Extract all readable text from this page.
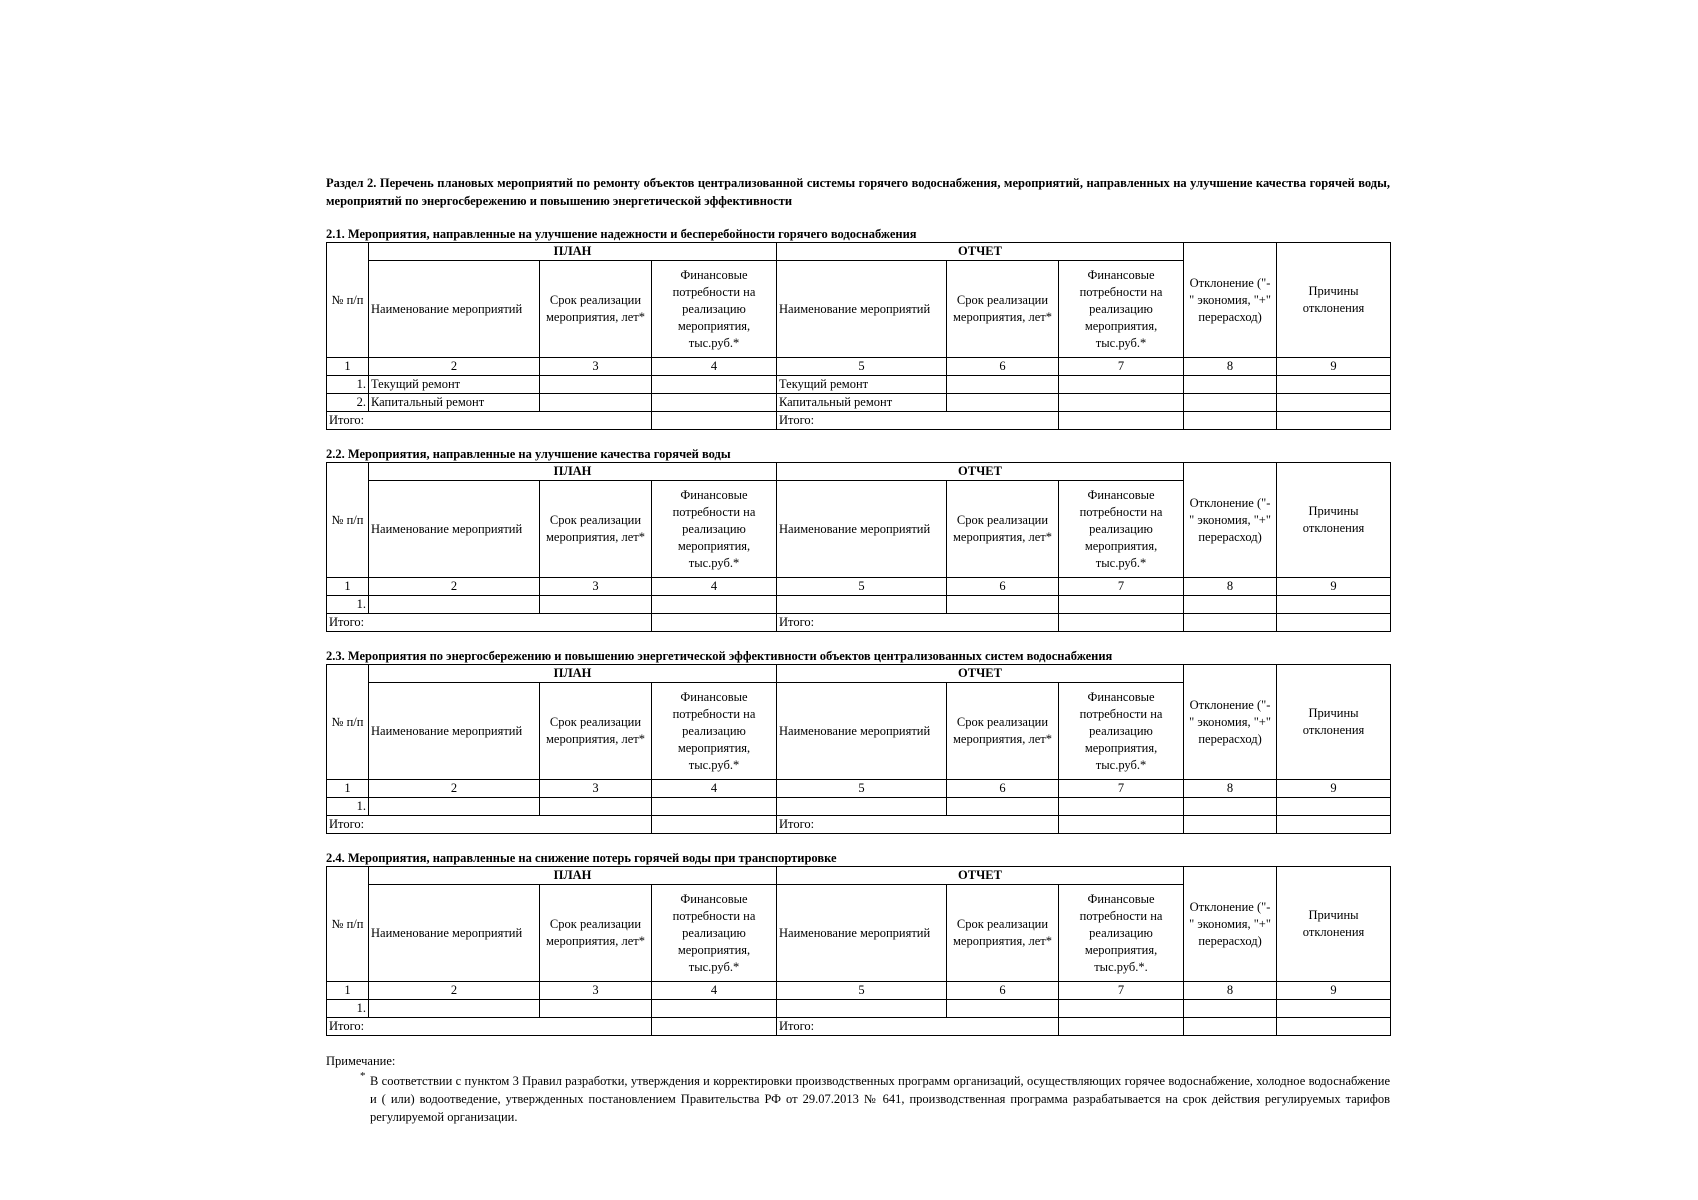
Раздел 2. Перечень плановых мероприятий по ремонту объектов централизованной системы горячего водоснабжения, мероприятий, направленных на улучшение качества горячей воды, мероприятий по энергосбережению и повышению энергетической эффективности

2.1. Мероприятия, направленные на улучшение надежности и бесперебойности горячего водоснабжения

№ п/п	ПЛАН			ОТЧЕТ			Отклонение ("- " экономия, "+" перерасход)	Причины отклонения
	Наименование мероприятий	Срок реализации мероприятия, лет*	Финансовые потребности на реализацию мероприятия, тыс.руб.*	Наименование мероприятий	Срок реализации мероприятия, лет*	Финансовые потребности на реализацию мероприятия, тыс.руб.*		
1	2	3	4	5	6	7	8	9
1.	Текущий ремонт			Текущий ремонт				
2.	Капитальный ремонт			Капитальный ремонт				
Итого:				Итого:				

2.2. Мероприятия, направленные на улучшение качества горячей воды

№ п/п	ПЛАН			ОТЧЕТ			Отклонение ("- " экономия, "+" перерасход)	Причины отклонения
	Наименование мероприятий	Срок реализации мероприятия, лет*	Финансовые потребности на реализацию мероприятия, тыс.руб.*	Наименование мероприятий	Срок реализации мероприятия, лет*	Финансовые потребности на реализацию мероприятия, тыс.руб.*		
1	2	3	4	5	6	7	8	9
1.								
Итого:				Итого:				

2.3. Мероприятия по энергосбережению и повышению энергетической эффективности объектов централизованных систем водоснабжения

№ п/п	ПЛАН			ОТЧЕТ			Отклонение ("- " экономия, "+" перерасход)	Причины отклонения
	Наименование мероприятий	Срок реализации мероприятия, лет*	Финансовые потребности на реализацию мероприятия, тыс.руб.*	Наименование мероприятий	Срок реализации мероприятия, лет*	Финансовые потребности на реализацию мероприятия, тыс.руб.*		
1	2	3	4	5	6	7	8	9
1.								
Итого:				Итого:				

2.4. Мероприятия, направленные на снижение потерь горячей воды при транспортировке

№ п/п	ПЛАН			ОТЧЕТ			Отклонение ("- " экономия, "+" перерасход)	Причины отклонения
	Наименование мероприятий	Срок реализации мероприятия, лет*	Финансовые потребности на реализацию мероприятия, тыс.руб.*	Наименование мероприятий	Срок реализации мероприятия, лет*	Финансовые потребности на реализацию мероприятия, тыс.руб.*.		
1	2	3	4	5	6	7	8	9
1.								
Итого:				Итого:				

Примечание:

* В соответствии с пунктом 3 Правил разработки, утверждения и корректировки производственных программ организаций, осуществляющих горячее водоснабжение, холодное водоснабжение и ( или) водоотведение, утвержденных постановлением Правительства РФ от 29.07.2013 № 641, производственная программа разрабатывается на срок действия регулируемых тарифов регулируемой организации.
